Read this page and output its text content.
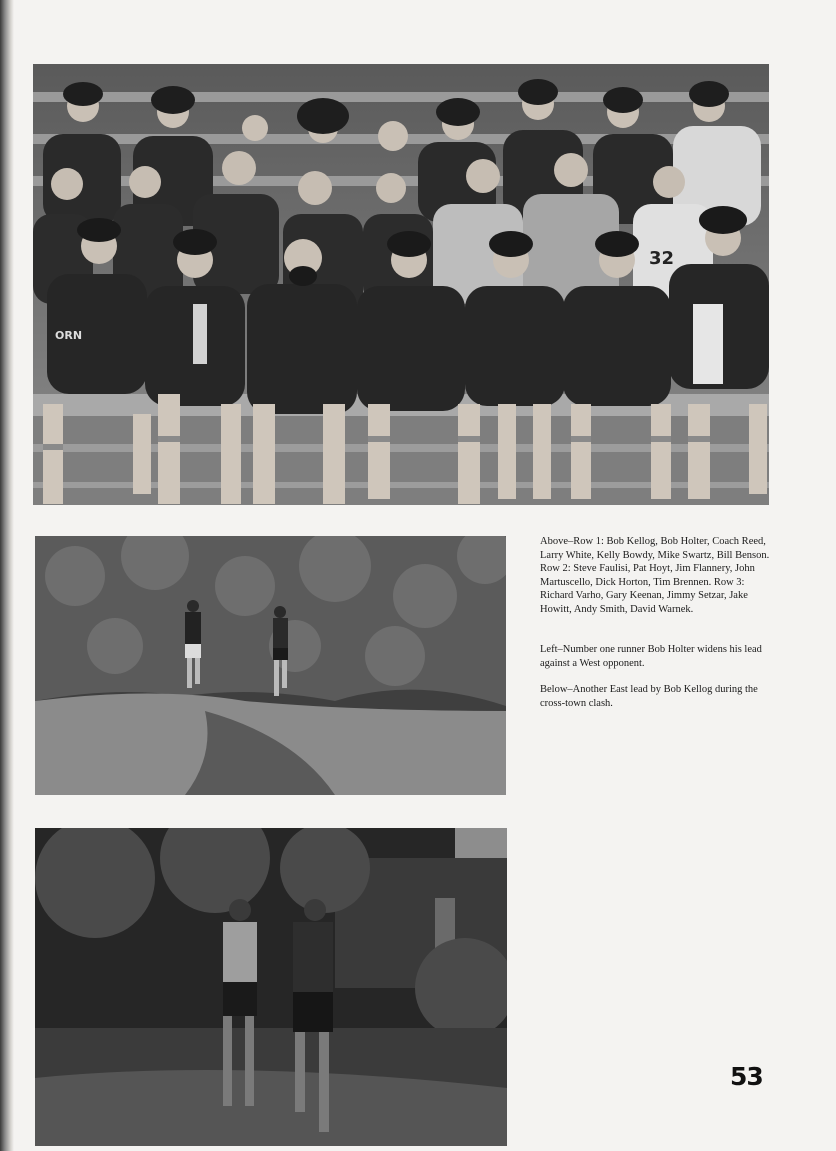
32
ORN

Above–Row 1: Bob Kellog, Bob Holter, Coach Reed, Larry White, Kelly Bowdy, Mike Swartz, Bill Benson. Row 2: Steve Faulisi, Pat Hoyt, Jim Flannery, John Martuscello, Dick Horton, Tim Brennen. Row 3: Richard Varho, Gary Keenan, Jimmy Setzar, Jake Howitt, Andy Smith, David Warnek.

Left–Number one runner Bob Holter widens his lead against a West opponent.

Below–Another East lead by Bob Kellog during the cross-town clash.

53
